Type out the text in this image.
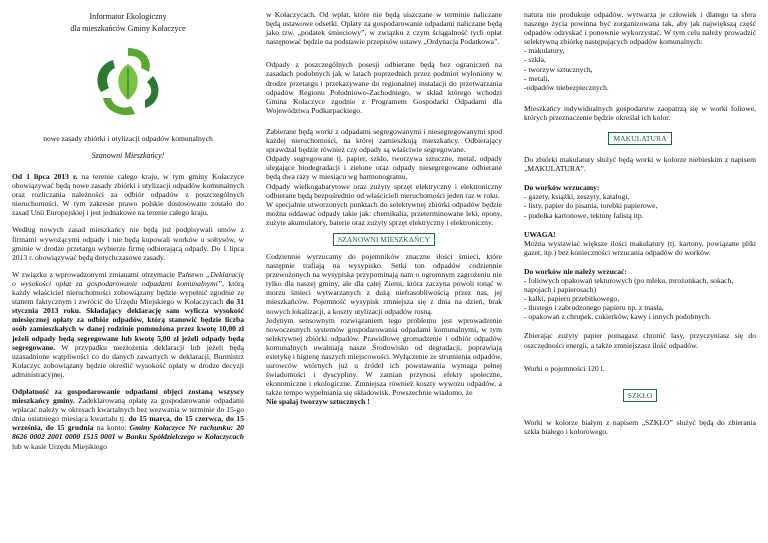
Informator Ekologiczny
dla mieszkańców Gminy Kołaczyce
nowe zasady zbiórki i utylizacji odpadów komunalnych
Szanowni Mieszkańcy!

Od 1 lipca 2013 r. na terenie całego kraju, w tym gminy Kołaczyce obowiązywać będą nowe zasady zbiórki i utylizacji odpadów komunalnych oraz rozliczania należności za odbiór odpadów z poszczególnych nieruchomości. W tym zakresie prawo polskie dostosowane zostało do zasad Unii Europejskiej i jest jednakowe na terenie całego kraju.

Według nowych zasad mieszkańcy nie będą już podpisywali umów z firmami wywożącymi odpady i nie będą kupowali worków u sołtysów, w gminie w drodze przetargu wybierze firmę odbierającą odpady. Do 1 lipca 2013 r. obowiązywać będą dotychczasowe zasady.

W związku z wprowadzonymi zmianami otrzymacie Państwo „Deklarację o wysokości opłat za gospodarowanie odpadami komunalnymi”, którą każdy właściciel nieruchomości zobowiązany będzie wypełnić zgodnie ze stanem faktycznym i zwrócić do Urzędu Miejskiego w Kołaczycach do 31 stycznia 2013 roku. Składający deklarację sam wylicza wysokość miesięcznej opłaty za odbiór odpadów, którą stanowić będzie liczba osób zamieszkałych w danej rodzinie pomnożona przez kwotę 10,00 zł jeżeli odpady będą segregowane lub kwotę 5,00 zł jeżeli odpady będą segregowane. W przypadku niezłożenia deklaracji lub jeżeli będą uzasadnione wątpliwości co do danych zawartych w deklaracji, Burmistrz Kołaczyc zobowiązany będzie określić wysokość opłaty w drodze decyzji administracyjnej.

Odpłatność za gospodarowanie odpadami objęci zostaną wszyscy mieszkańcy gminy. Zadeklarowaną opłatę za gospodarowanie odpadami wpłacać należy w okresach kwartalnych bez wezwania w terminie do 15-go dnia ostatniego miesiąca kwartału tj. do 15 marca, do 15 czerwca, do 15 września, do 15 grudnia na konto: Gminy Kołaczyce Nr rachunku: 20 8626 0002 2001 0000 1515 0001 w Banku Spółdzielczego w Kołaczycach lub w kasie Urzędu Miejskiego

w Kołaczycach. Od wpłat, które nie będą uiszczane w terminie naliczane będą ustawowe odsetki. Opłaty za gospodarowanie odpadami naliczane będą jako tzw. „podatek śmieciowy”, w związku z czym ściągalność tych opłat następować będzie na podstawie przepisów ustawy „Ordynacja Podatkowa”.

Odpady z poszczególnych posesji odbierane będą bez ograniczeń na zasadach podobnych jak w latach poprzednich przez podmiot wyłoniony w drodze przetargu i przekazywane do regionalnej instalacji do przetwarzania odpadów Regionu Południowo-Zachodniego, w skład którego wchodzi Gmina Kołaczyce zgodnie z Programem Gospodarki Odpadami dla Województwa Podkarpackiego.

Zabierane będą worki z odpadami segregowanymi i niesegregowanymi spod każdej nieruchomości, na której zamieszkują mieszkańcy. Odbierający sprawdzał będzie również czy odpady są właściwie segregowane.

Odpady segregowane tj. papier, szkło, tworzywa sztuczne, metal, odpady ulegające biodegradacji i zielone oraz odpady niesegregowane odbierane będą dwa razy w miesiącu wg harmonogramu.

Odpady wielkogabarytowe oraz zużyty sprzęt elektryczny i elektroniczny odbierane będą bezpośrednio od właścicieli nieruchomości jeden raz w roku.

W specjalnie utworzonych punktach do selektywnej zbiórki odpadów będzie można oddawać odpady takie jak: chemikalia, przeterminowane leki, opony, zużyte akumulatory, baterie oraz zużyty sprzęt elektryczny i elektroniczny.

SZANOWNI MIESZKAŃCY

Codziennie wyrzucamy do pojemników znaczne ilości śmieci, które następnie trafiają na wysypisko. Setki ton odpadów codziennie przewożonych na wysypiska przypominają nam o ogromnym zagrożeniu nie tylko dla naszej gminy, ale dla całej Ziemi, która zaczyna powoli tonąć w morzu śmieci wytwarzanych z dużą niefrasobliwością przez nas, jej mieszkańców. Pojemność wysypisk zmniejsza się z dnia na dzień, brak nowych lokalizacji, a koszty utylizacji odpadów rosną.

Jedynym sensownym rozwiązaniem tego problemu jest wprowadzenie nowoczesnych systemów gospodarowania odpadami komunalnymi, w tym selektywnej zbiórki odpadów. Prawidłowe gromadzenie i odbiór odpadów komunalnych uwalniają nasze Środowisko od degradacji, poprawiają estetykę i higienę naszych miejscowości. Wyłączenie ze strumienia odpadów, surowców wtórnych już u źródeł ich powstawania wymaga pełnej świadomości i dyscypliny. W zamian przynosi efekty społeczne, ekonomiczne i ekologiczne. Zmniejsza również koszty wywozu odpadów, a także tempo wypełniania się składowisk. Powszechnie wiadomo, że

Nie spalaj tworzyw sztucznych !

natura nie produkuje odpadów, wytwarza je człowiek i dlatego ta sfera naszego życia powinna być zorganizowana tak, aby jak największą część odpadów odzyskać i ponownie wykorzystać. W tym celu należy prowadzić selektywną zbiórkę następujących odpadów komunalnych:

- makulatury,

- szkła,

- tworzyw sztucznych,

- metali,

-odpadów niebezpiecznych.

Mieszkańcy indywidualnych gospodarstw zaopatrzą się w worki foliowe, których przeznaczenie będzie określał ich kolor.

MAKULATURA

Do zbiórki makulatury służyć będą worki w kolorze niebieskim z napisem „MAKULATURA”.

Do worków wrzucamy:

- gazety, książki, zeszyty, katalogi,

- listy, papier do pisania, torebki papierowe,

- pudełka kartonowe, tekturę falistą itp.

UWAGA!

Można wystawiać większe ilości makulatury (tj. kartony, powiązane pliki gazet, itp.) bez konieczności wrzucania odpadów do worków.

Do worków nie należy wrzucać:

- foliowych opakowań tekturowych (po mleku, mrożonkach, sokach, napojach i papierosach)

- kalki, papieru przebitkowego,

- tłustego i zabrudzonego papieru np. z masła,

- opakowań z chrupek, cukierków, kawy i innych podobnych.

Zbierając zużyty papier pomagasz chronić lasy, przyczyniasz się do oszczędności energii, a także zmniejszasz ilość odpadów.

Worki o pojemności 120 l.

SZKŁO

Worki w kolorze białym z napisem „SZKŁO” służyć będą do zbierania szkła białego i kolorowego.
